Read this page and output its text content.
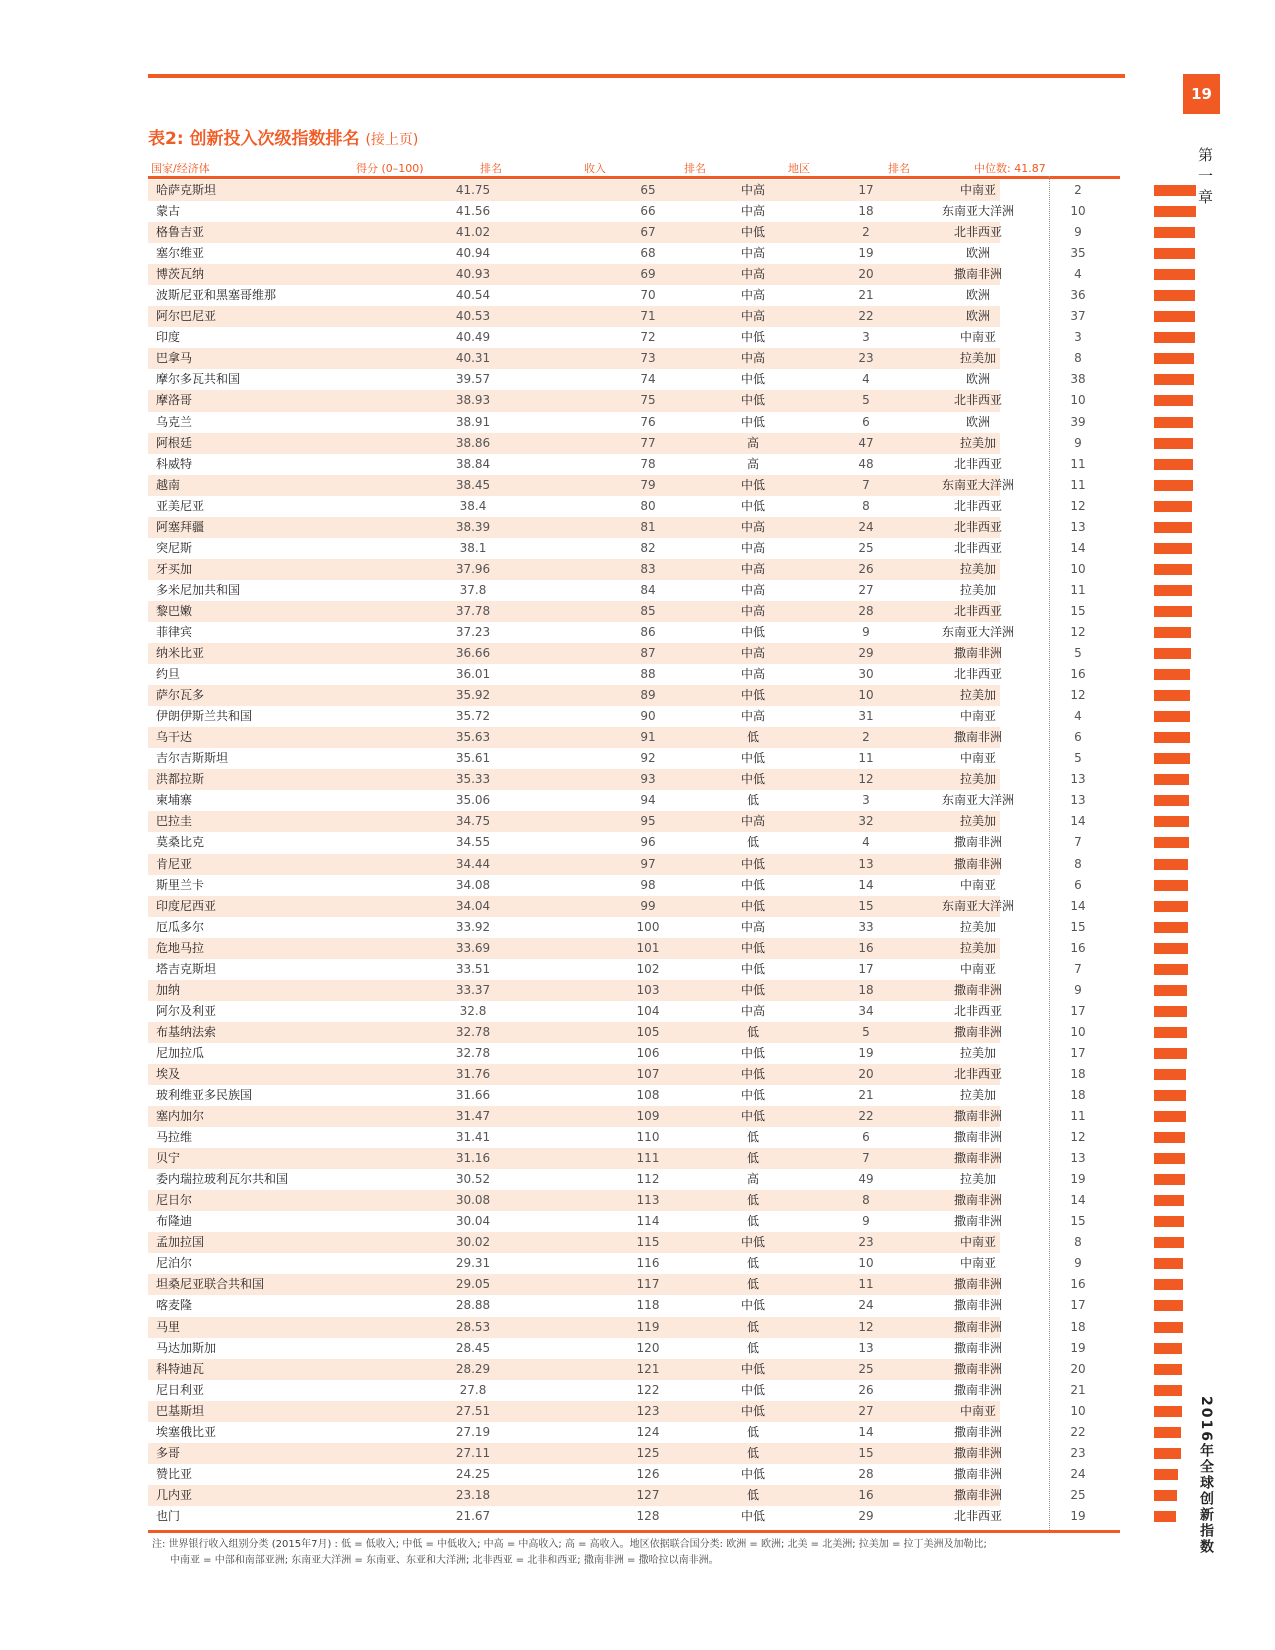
19
第一章
2016年全球创新指数
表2: 创新投入次级指数排名 (接上页)
国家/经济体	得分 (0–100)	排名	收入	排名	地区	排名	中位数: 41.87
哈萨克斯坦	41.75	65	中高	17	中南亚	2
蒙古	41.56	66	中高	18	东南亚大洋洲	10
格鲁吉亚	41.02	67	中低	2	北非西亚	9
塞尔维亚	40.94	68	中高	19	欧洲	35
博茨瓦纳	40.93	69	中高	20	撒南非洲	4
波斯尼亚和黑塞哥维那	40.54	70	中高	21	欧洲	36
阿尔巴尼亚	40.53	71	中高	22	欧洲	37
印度	40.49	72	中低	3	中南亚	3
巴拿马	40.31	73	中高	23	拉美加	8
摩尔多瓦共和国	39.57	74	中低	4	欧洲	38
摩洛哥	38.93	75	中低	5	北非西亚	10
乌克兰	38.91	76	中低	6	欧洲	39
阿根廷	38.86	77	高	47	拉美加	9
科威特	38.84	78	高	48	北非西亚	11
越南	38.45	79	中低	7	东南亚大洋洲	11
亚美尼亚	38.4	80	中低	8	北非西亚	12
阿塞拜疆	38.39	81	中高	24	北非西亚	13
突尼斯	38.1	82	中高	25	北非西亚	14
牙买加	37.96	83	中高	26	拉美加	10
多米尼加共和国	37.8	84	中高	27	拉美加	11
黎巴嫩	37.78	85	中高	28	北非西亚	15
菲律宾	37.23	86	中低	9	东南亚大洋洲	12
纳米比亚	36.66	87	中高	29	撒南非洲	5
约旦	36.01	88	中高	30	北非西亚	16
萨尔瓦多	35.92	89	中低	10	拉美加	12
伊朗伊斯兰共和国	35.72	90	中高	31	中南亚	4
乌干达	35.63	91	低	2	撒南非洲	6
吉尔吉斯斯坦	35.61	92	中低	11	中南亚	5
洪都拉斯	35.33	93	中低	12	拉美加	13
柬埔寨	35.06	94	低	3	东南亚大洋洲	13
巴拉圭	34.75	95	中高	32	拉美加	14
莫桑比克	34.55	96	低	4	撒南非洲	7
肯尼亚	34.44	97	中低	13	撒南非洲	8
斯里兰卡	34.08	98	中低	14	中南亚	6
印度尼西亚	34.04	99	中低	15	东南亚大洋洲	14
厄瓜多尔	33.92	100	中高	33	拉美加	15
危地马拉	33.69	101	中低	16	拉美加	16
塔吉克斯坦	33.51	102	中低	17	中南亚	7
加纳	33.37	103	中低	18	撒南非洲	9
阿尔及利亚	32.8	104	中高	34	北非西亚	17
布基纳法索	32.78	105	低	5	撒南非洲	10
尼加拉瓜	32.78	106	中低	19	拉美加	17
埃及	31.76	107	中低	20	北非西亚	18
玻利维亚多民族国	31.66	108	中低	21	拉美加	18
塞内加尔	31.47	109	中低	22	撒南非洲	11
马拉维	31.41	110	低	6	撒南非洲	12
贝宁	31.16	111	低	7	撒南非洲	13
委内瑞拉玻利瓦尔共和国	30.52	112	高	49	拉美加	19
尼日尔	30.08	113	低	8	撒南非洲	14
布隆迪	30.04	114	低	9	撒南非洲	15
孟加拉国	30.02	115	中低	23	中南亚	8
尼泊尔	29.31	116	低	10	中南亚	9
坦桑尼亚联合共和国	29.05	117	低	11	撒南非洲	16
喀麦隆	28.88	118	中低	24	撒南非洲	17
马里	28.53	119	低	12	撒南非洲	18
马达加斯加	28.45	120	低	13	撒南非洲	19
科特迪瓦	28.29	121	中低	25	撒南非洲	20
尼日利亚	27.8	122	中低	26	撒南非洲	21
巴基斯坦	27.51	123	中低	27	中南亚	10
埃塞俄比亚	27.19	124	低	14	撒南非洲	22
多哥	27.11	125	低	15	撒南非洲	23
赞比亚	24.25	126	中低	28	撒南非洲	24
几内亚	23.18	127	低	16	撒南非洲	25
也门	21.67	128	中低	29	北非西亚	19
注: 世界银行收入组别分类 (2015年7月) : 低 = 低收入; 中低 = 中低收入; 中高 = 中高收入; 高 = 高收入。地区依据联合国分类: 欧洲 = 欧洲; 北美 = 北美洲; 拉美加 = 拉丁美洲及加勒比;
中南亚 = 中部和南部亚洲; 东南亚大洋洲 = 东南亚、东亚和大洋洲; 北非西亚 = 北非和西亚; 撒南非洲 = 撒哈拉以南非洲。
